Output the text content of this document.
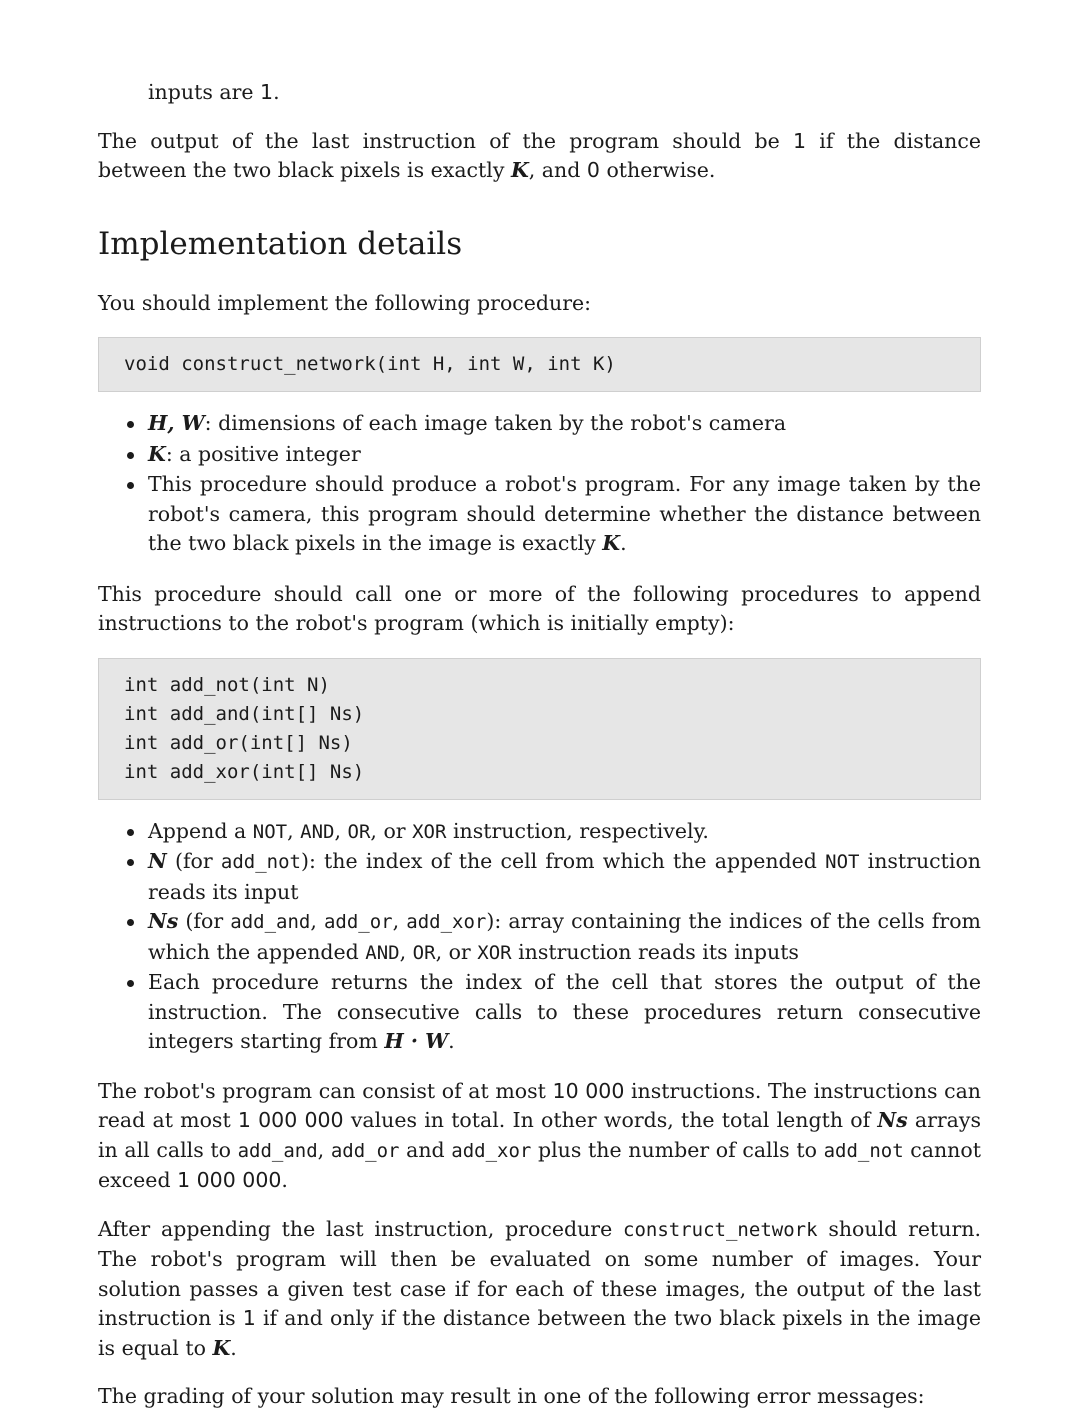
inputs are 1.

The output of the last instruction of the program should be 1 if the distance between the two black pixels is exactly K, and 0 otherwise.

Implementation details

You should implement the following procedure:

void construct_network(int H, int W, int K)
H, W: dimensions of each image taken by the robot's camera
K: a positive integer
This procedure should produce a robot's program. For any image taken by the robot's camera, this program should determine whether the distance between the two black pixels in the image is exactly K.

This procedure should call one or more of the following procedures to append instructions to the robot's program (which is initially empty):

int add_not(int N)
int add_and(int[] Ns)
int add_or(int[] Ns)
int add_xor(int[] Ns)
Append a NOT, AND, OR, or XOR instruction, respectively.
N (for add_not): the index of the cell from which the appended NOT instruction reads its input
Ns (for add_and, add_or, add_xor): array containing the indices of the cells from which the appended AND, OR, or XOR instruction reads its inputs
Each procedure returns the index of the cell that stores the output of the instruction. The consecutive calls to these procedures return consecutive integers starting from H · W.

The robot's program can consist of at most 10 000 instructions. The instructions can read at most 1 000 000 values in total. In other words, the total length of Ns arrays in all calls to add_and, add_or and add_xor plus the number of calls to add_not cannot exceed 1 000 000.

After appending the last instruction, procedure construct_network should return. The robot's program will then be evaluated on some number of images. Your solution passes a given test case if for each of these images, the output of the last instruction is 1 if and only if the distance between the two black pixels in the image is equal to K.

The grading of your solution may result in one of the following error messages:
